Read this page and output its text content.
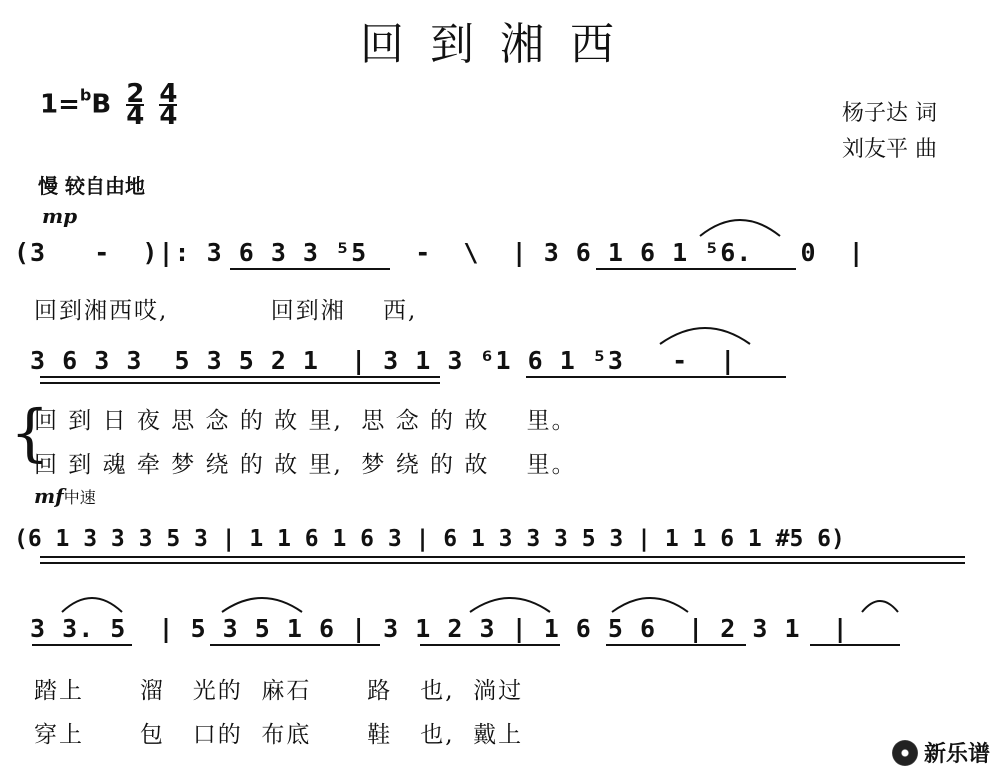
回到湘西
$1=^bB \frac{2}{4}$
$\frac{4}{4}$	杨子达 词
刘友平 曲
慢 较自由地
mp
(3   -  )|: 3 6 3 3 ⁵5   -  \  | 3 6 1 6 1 ⁵6.   0  |
回到湘西哎,           回到湘    西,
3 6 3 3  5 3 5 2 1  | 3 1 3 ⁶1 6 1 ⁵3   -  |
{
回 到 日 夜 思 念 的 故 里,  思 念 的 故    里。
回 到 魂 牵 梦 绕 的 故 里,  梦 绕 的 故    里。
mf中速
(6 1 3 3 3 5 3 | 1 1 6 1 6 3 | 6 1 3 3 3 5 3 | 1 1 6 1 #5 6)
3 3. 5  | 5 3 5 1 6 | 3 1 2 3 | 1 6 5 6  | 2 3 1  |
踏上      溜   光的  麻石      路   也,  淌过
穿上      包   口的  布底      鞋   也,  戴上
新乐谱
